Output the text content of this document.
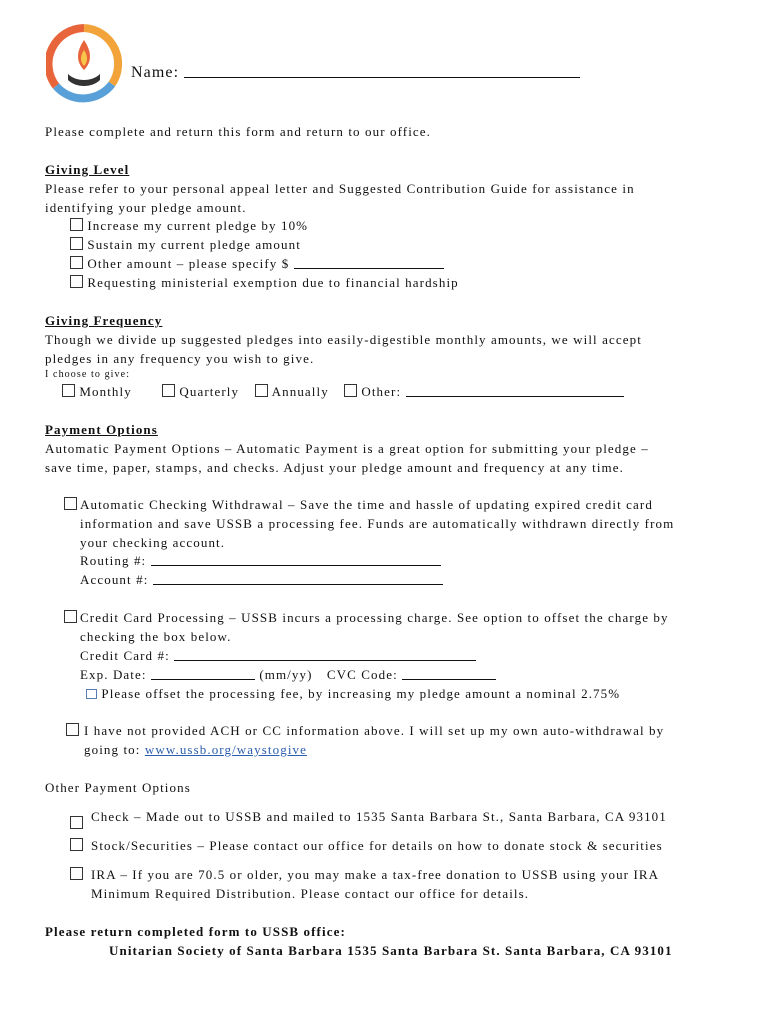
Name:
Please complete and return this form and return to our office.
Giving Level
Please refer to your personal appeal letter and Suggested Contribution Guide for assistance in
identifying your pledge amount.
Increase my current pledge by 10%
Sustain my current pledge amount
Other amount – please specify $
Requesting ministerial exemption due to financial hardship
Giving Frequency
Though we divide up suggested pledges into easily-digestible monthly amounts, we will accept
pledges in any frequency you wish to give.
I choose to give:
Monthly	Quarterly	Annually	Other:
Payment Options
Automatic Payment Options – Automatic Payment is a great option for submitting your pledge –
save time, paper, stamps, and checks. Adjust your pledge amount and frequency at any time.
Automatic Checking Withdrawal – Save the time and hassle of updating expired credit card
information and save USSB a processing fee. Funds are automatically withdrawn directly from
your checking account.
Routing #:
Account #:
Credit Card Processing – USSB incurs a processing charge. See option to offset the charge by
checking the box below.
Credit Card #:
Exp. Date:	(mm/yy) CVC Code:
Please offset the processing fee, by increasing my pledge amount a nominal 2.75%
I have not provided ACH or CC information above. I will set up my own auto-withdrawal by
going to: www.ussb.org/waystogive
Other Payment Options
Check – Made out to USSB and mailed to 1535 Santa Barbara St., Santa Barbara, CA 93101
Stock/Securities – Please contact our office for details on how to donate stock & securities
IRA – If you are 70.5 or older, you may make a tax-free donation to USSB using your IRA
Minimum Required Distribution. Please contact our office for details.
Please return completed form to USSB office:
Unitarian Society of Santa Barbara 1535 Santa Barbara St. Santa Barbara, CA 93101
